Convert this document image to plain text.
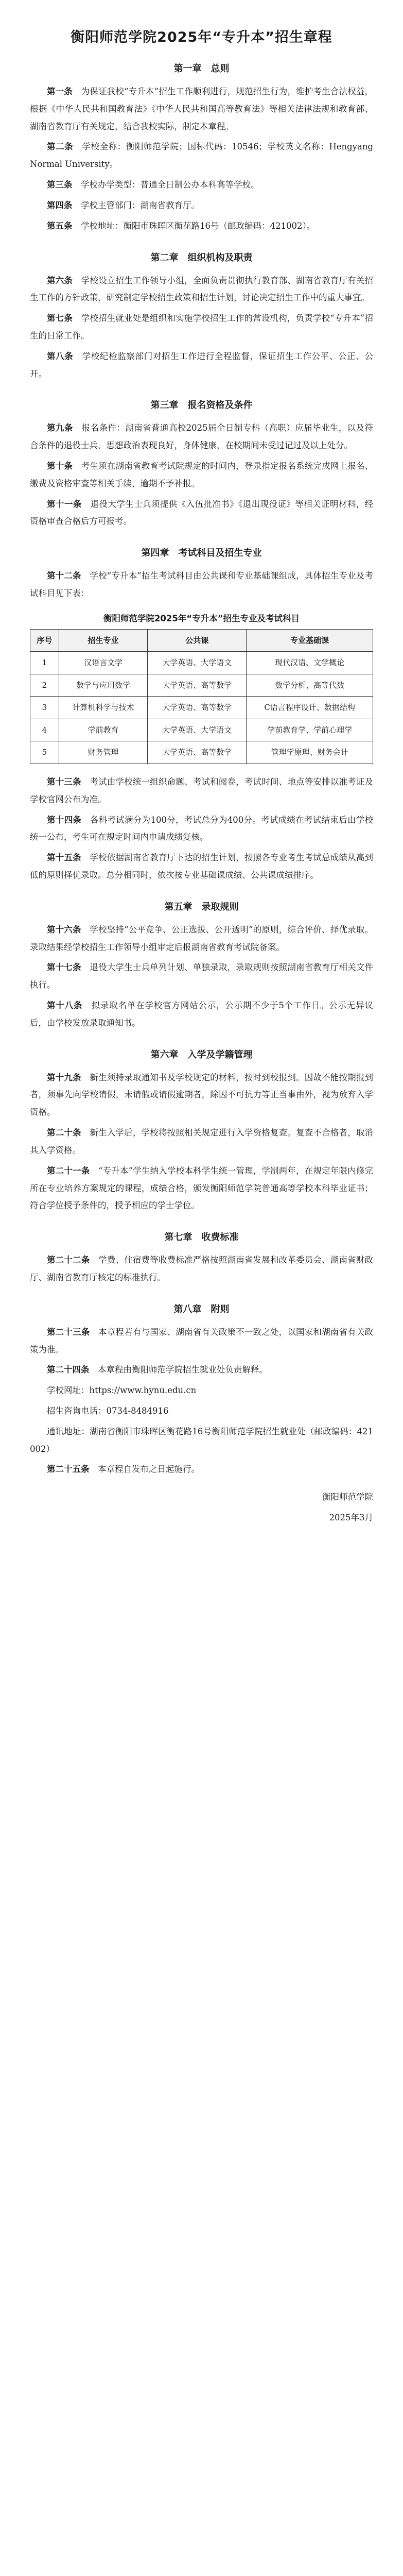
衡阳师范学院2025年“专升本”招生章程
第一章　总则

第一条　 为保证我校“专升本”招生工作顺利进行，规范招生行为，维护考生合法权益，根据《中华人民共和国教育法》《中华人民共和国高等教育法》等相关法律法规和教育部、湖南省教育厅有关规定，结合我校实际，制定本章程。

第二条　 学校全称：衡阳师范学院；国标代码：10546；学校英文名称：Hengyang Normal University。

第三条　 学校办学类型：普通全日制公办本科高等学校。

第四条　 学校主管部门：湖南省教育厅。

第五条　 学校地址：衡阳市珠晖区衡花路16号（邮政编码：421002）。

第二章　组织机构及职责

第六条　 学校设立招生工作领导小组，全面负责贯彻执行教育部、湖南省教育厅有关招生工作的方针政策，研究制定学校招生政策和招生计划，讨论决定招生工作中的重大事宜。

第七条　 学校招生就业处是组织和实施学校招生工作的常设机构，负责学校“专升本”招生的日常工作。

第八条　 学校纪检监察部门对招生工作进行全程监督，保证招生工作公平、公正、公开。

第三章　报名资格及条件

第九条　 报名条件：湖南省普通高校2025届全日制专科（高职）应届毕业生，以及符合条件的退役士兵，思想政治表现良好，身体健康，在校期间未受过记过及以上处分。

第十条　 考生须在湖南省教育考试院规定的时间内，登录指定报名系统完成网上报名、缴费及资格审查等相关手续，逾期不予补报。

第十一条　 退役大学生士兵须提供《入伍批准书》《退出现役证》等相关证明材料，经资格审查合格后方可报考。

第四章　考试科目及招生专业

第十二条　 学校“专升本”招生考试科目由公共课和专业基础课组成，具体招生专业及考试科目见下表：

衡阳师范学院2025年“专升本”招生专业及考试科目
序号	招生专业	公共课	专业基础课
1	汉语言文学	大学英语、大学语文	现代汉语、文学概论
2	数学与应用数学	大学英语、高等数学	数学分析、高等代数
3	计算机科学与技术	大学英语、高等数学	C语言程序设计、数据结构
4	学前教育	大学英语、大学语文	学前教育学、学前心理学
5	财务管理	大学英语、高等数学	管理学原理、财务会计

第十三条　 考试由学校统一组织命题、考试和阅卷，考试时间、地点等安排以准考证及学校官网公布为准。

第十四条　 各科考试满分为100分，考试总分为400分。考试成绩在考试结束后由学校统一公布，考生可在规定时间内申请成绩复核。

第十五条　 学校依据湖南省教育厅下达的招生计划，按照各专业考生考试总成绩从高到低的原则择优录取。总分相同时，依次按专业基础课成绩、公共课成绩排序。

第五章　录取规则

第十六条　 学校坚持“公平竞争、公正选拔、公开透明”的原则，综合评价、择优录取。录取结果经学校招生工作领导小组审定后报湖南省教育考试院备案。

第十七条　 退役大学生士兵单列计划、单独录取，录取规则按照湖南省教育厅相关文件执行。

第十八条　 拟录取名单在学校官方网站公示，公示期不少于5个工作日。公示无异议后，由学校发放录取通知书。

第六章　入学及学籍管理

第十九条　 新生须持录取通知书及学校规定的材料，按时到校报到。因故不能按期报到者，须事先向学校请假，未请假或请假逾期者，除因不可抗力等正当事由外，视为放弃入学资格。

第二十条　 新生入学后，学校将按照相关规定进行入学资格复查。复查不合格者，取消其入学资格。

第二十一条　 “专升本”学生纳入学校本科学生统一管理，学制两年，在规定年限内修完所在专业培养方案规定的课程，成绩合格，颁发衡阳师范学院普通高等学校本科毕业证书；符合学位授予条件的，授予相应的学士学位。

第七章　收费标准

第二十二条　 学费、住宿费等收费标准严格按照湖南省发展和改革委员会、湖南省财政厅、湖南省教育厅核定的标准执行。

第八章　附则

第二十三条　 本章程若有与国家、湖南省有关政策不一致之处，以国家和湖南省有关政策为准。

第二十四条　 本章程由衡阳师范学院招生就业处负责解释。

学校网址：https://www.hynu.edu.cn

招生咨询电话：0734-8484916

通讯地址：湖南省衡阳市珠晖区衡花路16号衡阳师范学院招生就业处（邮政编码：421002）

第二十五条　 本章程自发布之日起施行。

衡阳师范学院

2025年3月
